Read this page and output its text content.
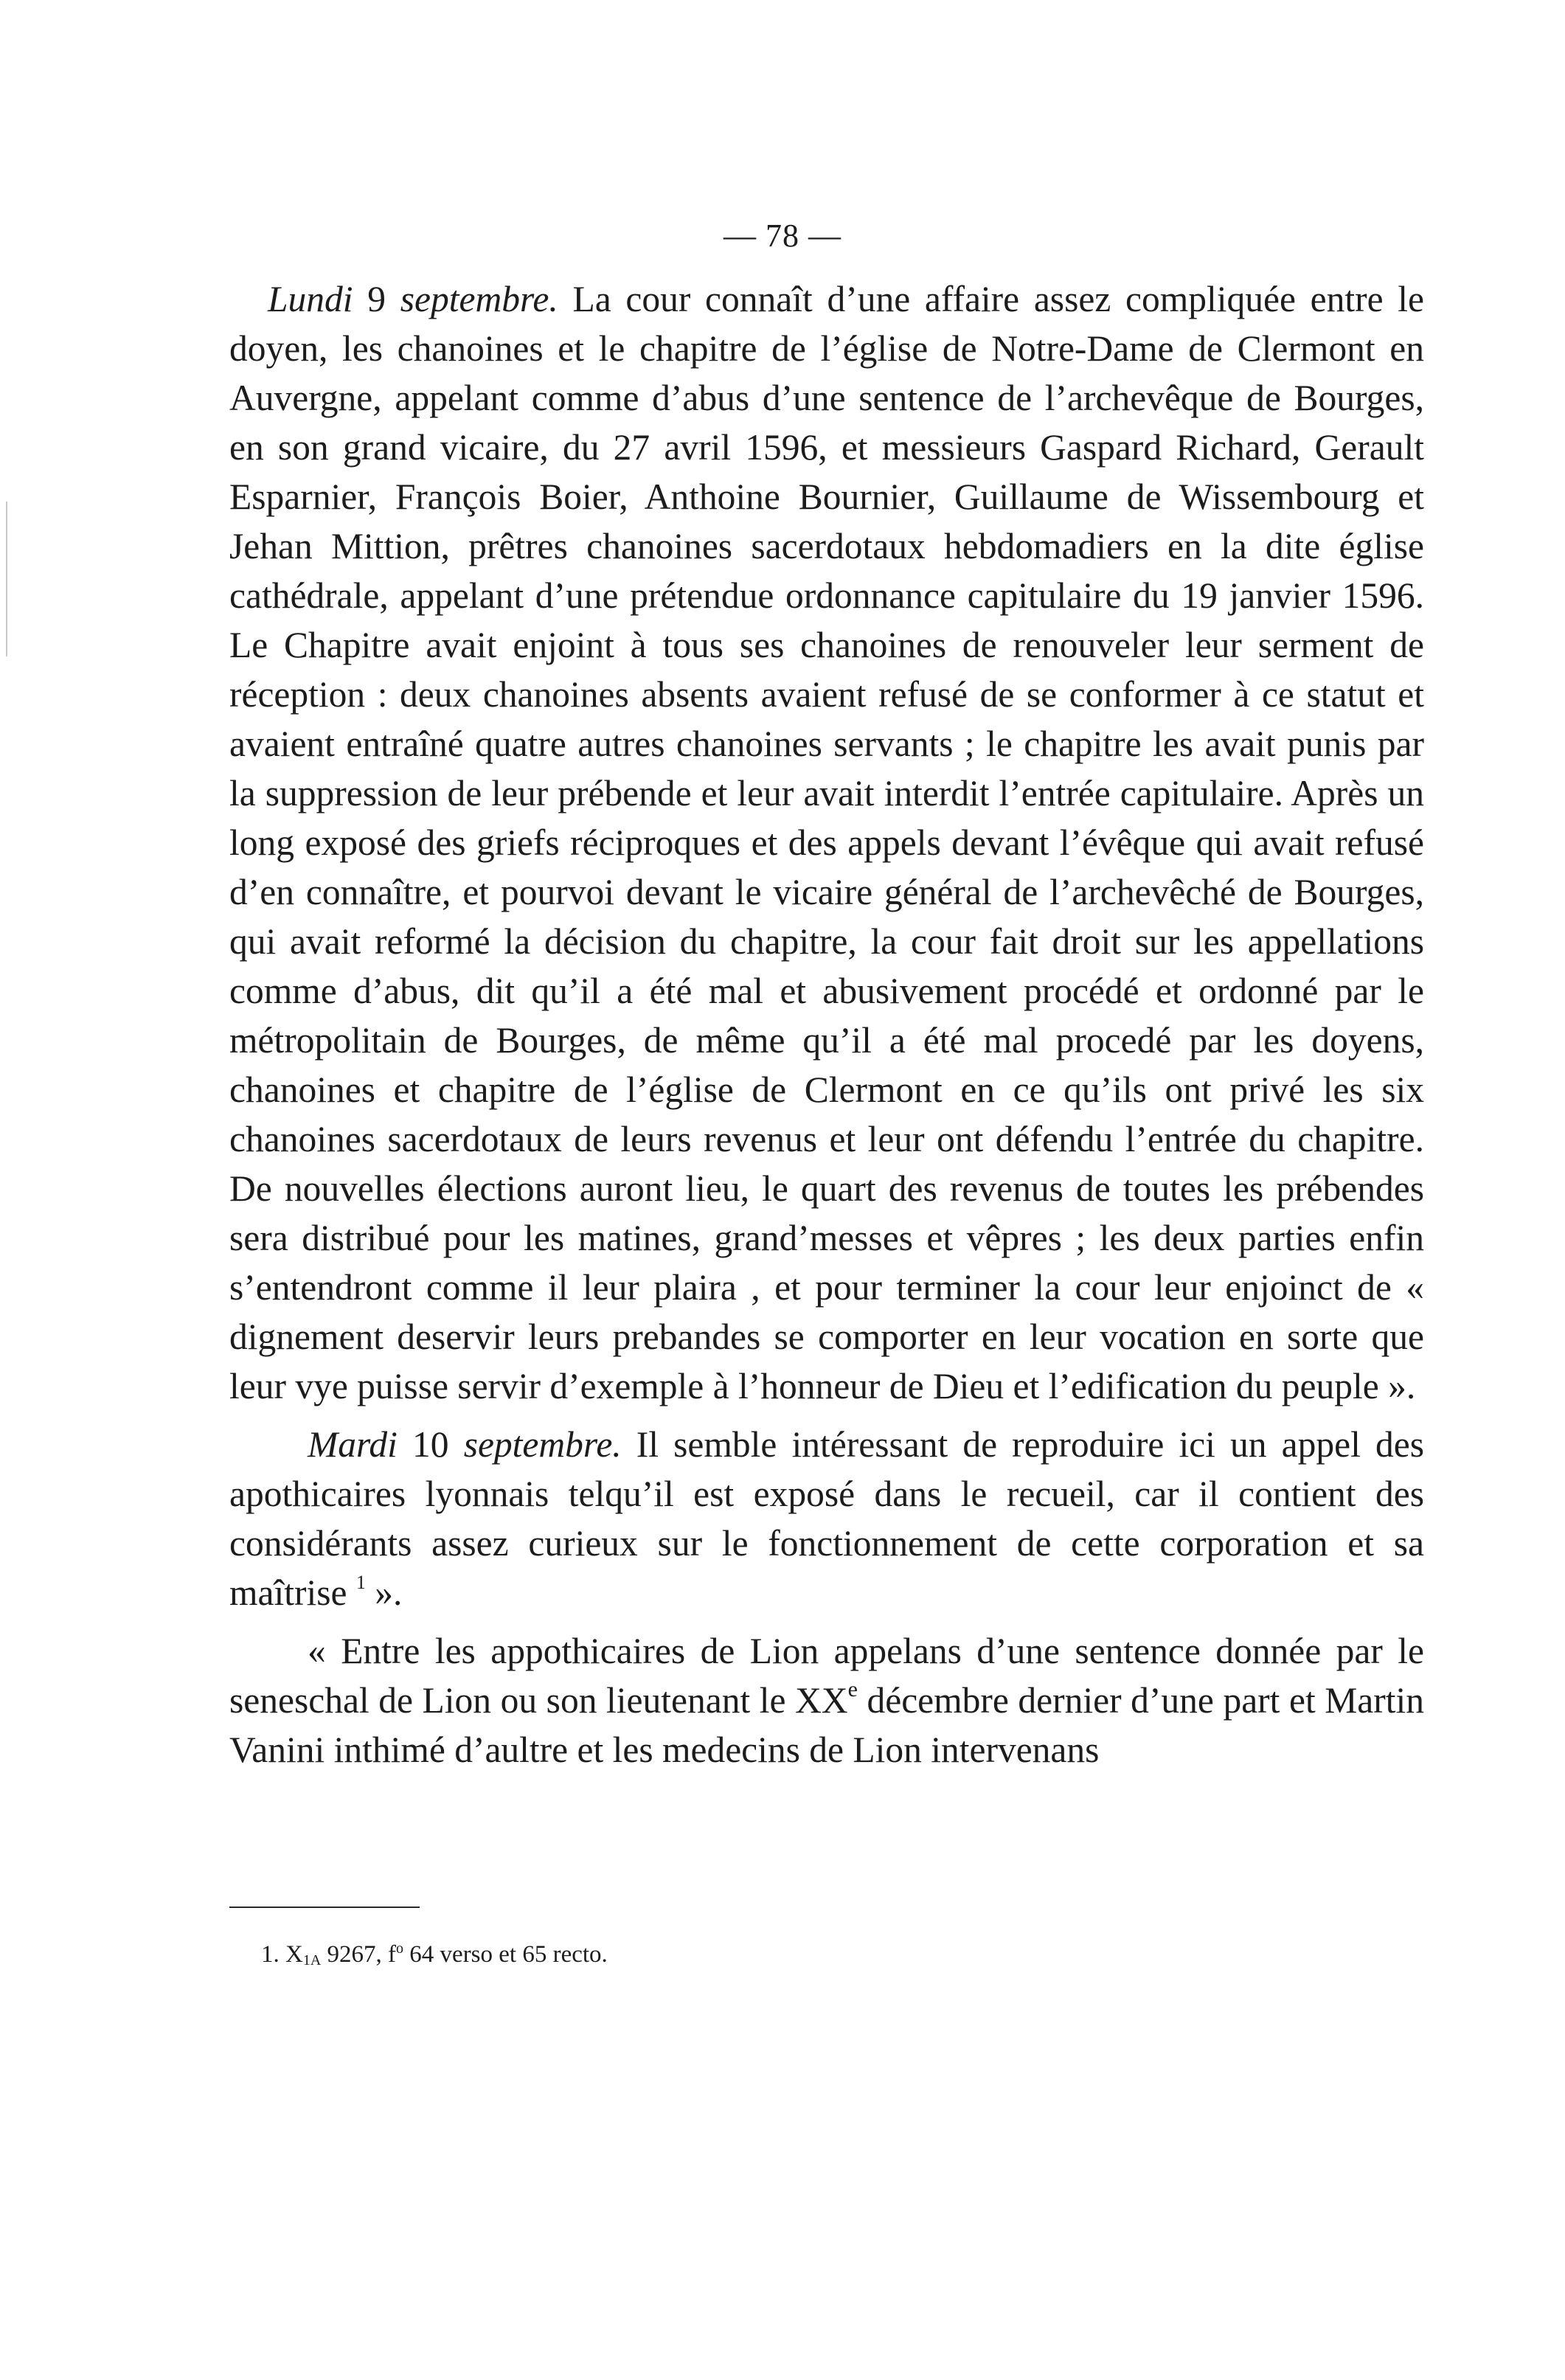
— 78 —

Lundi 9 septembre. La cour connaît d’une affaire assez compliquée entre le doyen, les chanoines et le chapitre de l’église de Notre-Dame de Clermont en Auvergne, appelant comme d’abus d’une sentence de l’archevêque de Bourges, en son grand vicaire, du 27 avril 1596, et messieurs Gaspard Richard, Gerault Esparnier, François Boier, Anthoine Bournier, Guillaume de Wissembourg et Jehan Mittion, prêtres chanoines sacerdotaux hebdomadiers en la dite église cathédrale, appelant d’une prétendue ordonnance capitulaire du 19 janvier 1596. Le Chapitre avait enjoint à tous ses chanoines de renouveler leur serment de réception : deux chanoines absents avaient refusé de se conformer à ce statut et avaient entraîné quatre autres chanoines servants ; le chapitre les avait punis par la suppression de leur prébende et leur avait interdit l’entrée capitulaire. Après un long exposé des griefs réciproques et des appels devant l’évêque qui avait refusé d’en connaître, et pourvoi devant le vicaire général de l’archevêché de Bourges, qui avait reformé la décision du chapitre, la cour fait droit sur les appellations comme d’abus, dit qu’il a été mal et abusivement procédé et ordonné par le métropolitain de Bourges, de même qu’il a été mal procedé par les doyens, chanoines et chapitre de l’église de Clermont en ce qu’ils ont privé les six chanoines sacerdotaux de leurs revenus et leur ont défendu l’entrée du chapitre. De nouvelles élections auront lieu, le quart des revenus de toutes les prébendes sera distribué pour les matines, grand’messes et vêpres ; les deux parties enfin s’entendront comme il leur plaira , et pour terminer la cour leur enjoinct de « dignement deservir leurs prebandes se comporter en leur vocation en sorte que leur vye puisse servir d’exemple à l’honneur de Dieu et l’edification du peuple ».

Mardi 10 septembre. Il semble intéressant de reproduire ici un appel des apothicaires lyonnais telqu’il est exposé dans le recueil, car il contient des considérants assez curieux sur le fonctionnement de cette corporation et sa maîtrise $^1$ ».

« Entre les appothicaires de Lion appelans d’une sentence donnée par le seneschal de Lion ou son lieutenant le XXe décembre dernier d’une part et Martin Vanini inthimé d’aultre et les medecins de Lion intervenans

1. $X_{1A}$ 9267, $f^o$ 64 verso et 65 recto.
